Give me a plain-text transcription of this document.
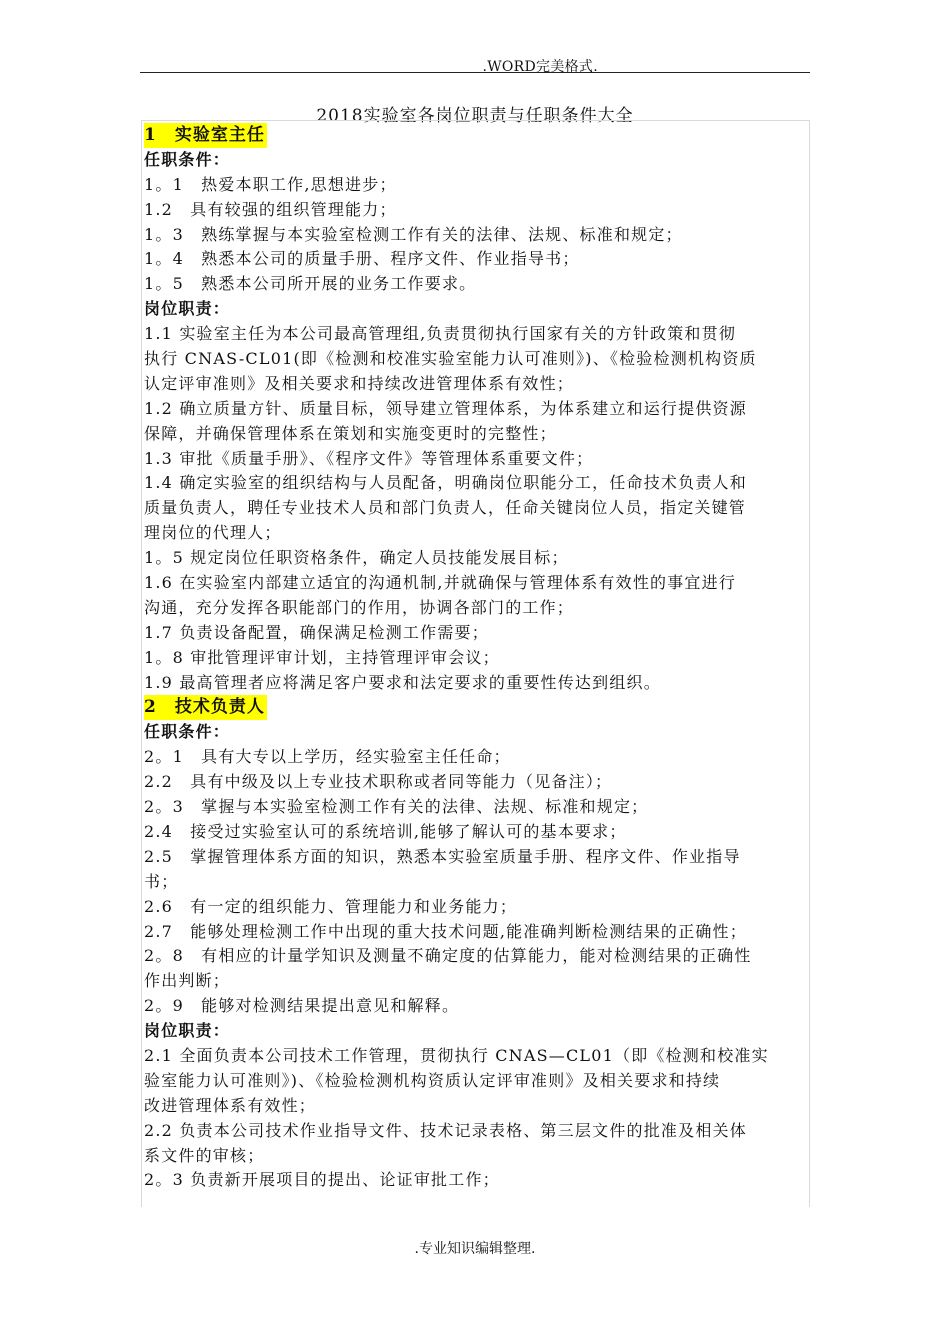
.WORD完美格式.
2018实验室各岗位职责与任职条件大全
1　实验室主任
任职条件：
1。1　热爱本职工作,思想进步；
1.2　具有较强的组织管理能力；
1。3　熟练掌握与本实验室检测工作有关的法律、法规、标准和规定；
1。4　熟悉本公司的质量手册、程序文件、作业指导书；
1。5　熟悉本公司所开展的业务工作要求。
岗位职责：
1.1 实验室主任为本公司最高管理组,负责贯彻执行国家有关的方针政策和贯彻
执行 CNAS-CL01(即《检测和校准实验室能力认可准则》)、《检验检测机构资质
认定评审准则》及相关要求和持续改进管理体系有效性；
1.2 确立质量方针、质量目标，领导建立管理体系，为体系建立和运行提供资源
保障，并确保管理体系在策划和实施变更时的完整性；
1.3 审批《质量手册》、《程序文件》等管理体系重要文件；
1.4 确定实验室的组织结构与人员配备，明确岗位职能分工，任命技术负责人和
质量负责人，聘任专业技术人员和部门负责人，任命关键岗位人员，指定关键管
理岗位的代理人；
1。5 规定岗位任职资格条件，确定人员技能发展目标；
1.6 在实验室内部建立适宜的沟通机制,并就确保与管理体系有效性的事宜进行
沟通，充分发挥各职能部门的作用，协调各部门的工作；
1.7 负责设备配置，确保满足检测工作需要；
1。8 审批管理评审计划，主持管理评审会议；
1.9 最高管理者应将满足客户要求和法定要求的重要性传达到组织。
2　技术负责人
任职条件：
2。1　具有大专以上学历，经实验室主任任命；
2.2　具有中级及以上专业技术职称或者同等能力（见备注）；
2。3　掌握与本实验室检测工作有关的法律、法规、标准和规定；
2.4　接受过实验室认可的系统培训,能够了解认可的基本要求；
2.5　掌握管理体系方面的知识，熟悉本实验室质量手册、程序文件、作业指导
书；
2.6　有一定的组织能力、管理能力和业务能力；
2.7　能够处理检测工作中出现的重大技术问题,能准确判断检测结果的正确性；
2。8　有相应的计量学知识及测量不确定度的估算能力，能对检测结果的正确性
作出判断；
2。9　能够对检测结果提出意见和解释。
岗位职责：
2.1 全面负责本公司技术工作管理，贯彻执行 CNAS—CL01（即《检测和校准实
验室能力认可准则》)、《检验检测机构资质认定评审准则》及相关要求和持续
改进管理体系有效性；
2.2 负责本公司技术作业指导文件、技术记录表格、第三层文件的批准及相关体
系文件的审核；
2。3 负责新开展项目的提出、论证审批工作；
.专业知识编辑整理.
